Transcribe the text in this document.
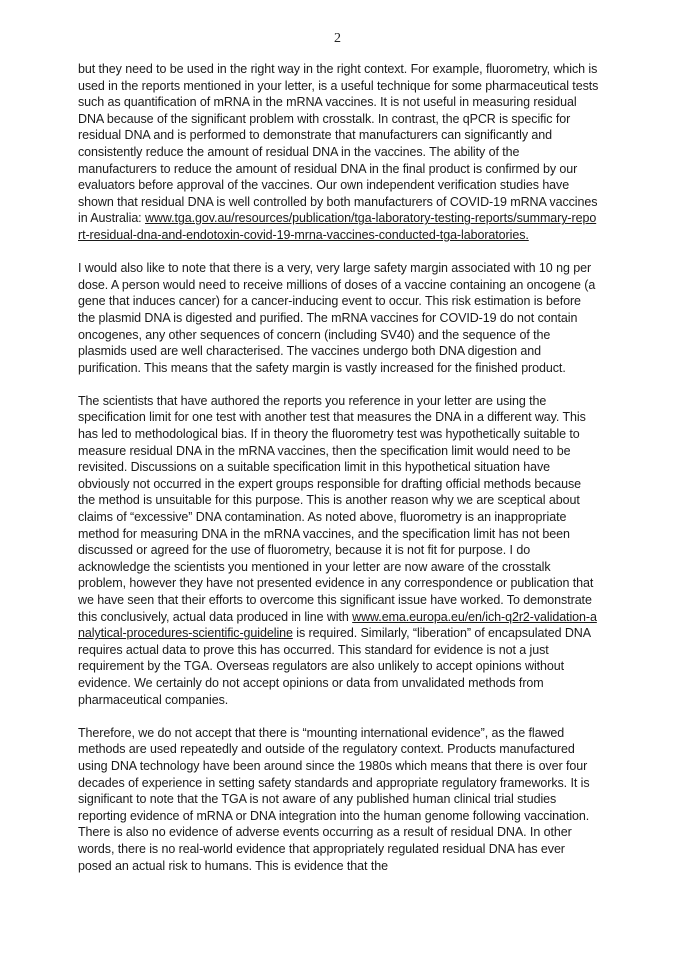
2

but they need to be used in the right way in the right context. For example, fluorometry, which is used in the reports mentioned in your letter, is a useful technique for some pharmaceutical tests such as quantification of mRNA in the mRNA vaccines. It is not useful in measuring residual DNA because of the significant problem with crosstalk. In contrast, the qPCR is specific for residual DNA and is performed to demonstrate that manufacturers can significantly and consistently reduce the amount of residual DNA in the vaccines. The ability of the manufacturers to reduce the amount of residual DNA in the final product is confirmed by our evaluators before approval of the vaccines. Our own independent verification studies have shown that residual DNA is well controlled by both manufacturers of COVID-19 mRNA vaccines in Australia:

www.tga.gov.au/resources/publication/tga-laboratory-testing-reports/summary-report-residual-dna-and-endotoxin-covid-19-mrna-vaccines-conducted-tga-laboratories.

I would also like to note that there is a very, very large safety margin associated with 10 ng per dose. A person would need to receive millions of doses of a vaccine containing an oncogene (a gene that induces cancer) for a cancer-inducing event to occur. This risk estimation is before the plasmid DNA is digested and purified. The mRNA vaccines for COVID-19 do not contain oncogenes, any other sequences of concern (including SV40) and the sequence of the plasmids used are well characterised. The vaccines undergo both DNA digestion and purification. This means that the safety margin is vastly increased for the finished product.

The scientists that have authored the reports you reference in your letter are using the specification limit for one test with another test that measures the DNA in a different way. This has led to methodological bias. If in theory the fluorometry test was hypothetically suitable to measure residual DNA in the mRNA vaccines, then the specification limit would need to be revisited. Discussions on a suitable specification limit in this hypothetical situation have obviously not occurred in the expert groups responsible for drafting official methods because the method is unsuitable for this purpose. This is another reason why we are sceptical about claims of “excessive” DNA contamination. As noted above, fluorometry is an inappropriate method for measuring DNA in the mRNA vaccines, and the specification limit has not been discussed or agreed for the use of fluorometry, because it is not fit for purpose. I do acknowledge the scientists you mentioned in your letter are now aware of the crosstalk problem, however they have not presented evidence in any correspondence or publication that we have seen that their efforts to overcome this significant issue have worked. To demonstrate this conclusively, actual data produced in line with

www.ema.europa.eu/en/ich-q2r2-validation-analytical-procedures-scientific-guideline

is required. Similarly, “liberation” of encapsulated DNA requires actual data to prove this has occurred. This standard for evidence is not a just requirement by the TGA. Overseas regulators are also unlikely to accept opinions without evidence. We certainly do not accept opinions or data from unvalidated methods from pharmaceutical companies.

Therefore, we do not accept that there is “mounting international evidence”, as the flawed methods are used repeatedly and outside of the regulatory context. Products manufactured using DNA technology have been around since the 1980s which means that there is over four decades of experience in setting safety standards and appropriate regulatory frameworks. It is significant to note that the TGA is not aware of any published human clinical trial studies reporting evidence of mRNA or DNA integration into the human genome following vaccination. There is also no evidence of adverse events occurring as a result of residual DNA. In other words, there is no real-world evidence that appropriately regulated residual DNA has ever posed an actual risk to humans. This is evidence that the
